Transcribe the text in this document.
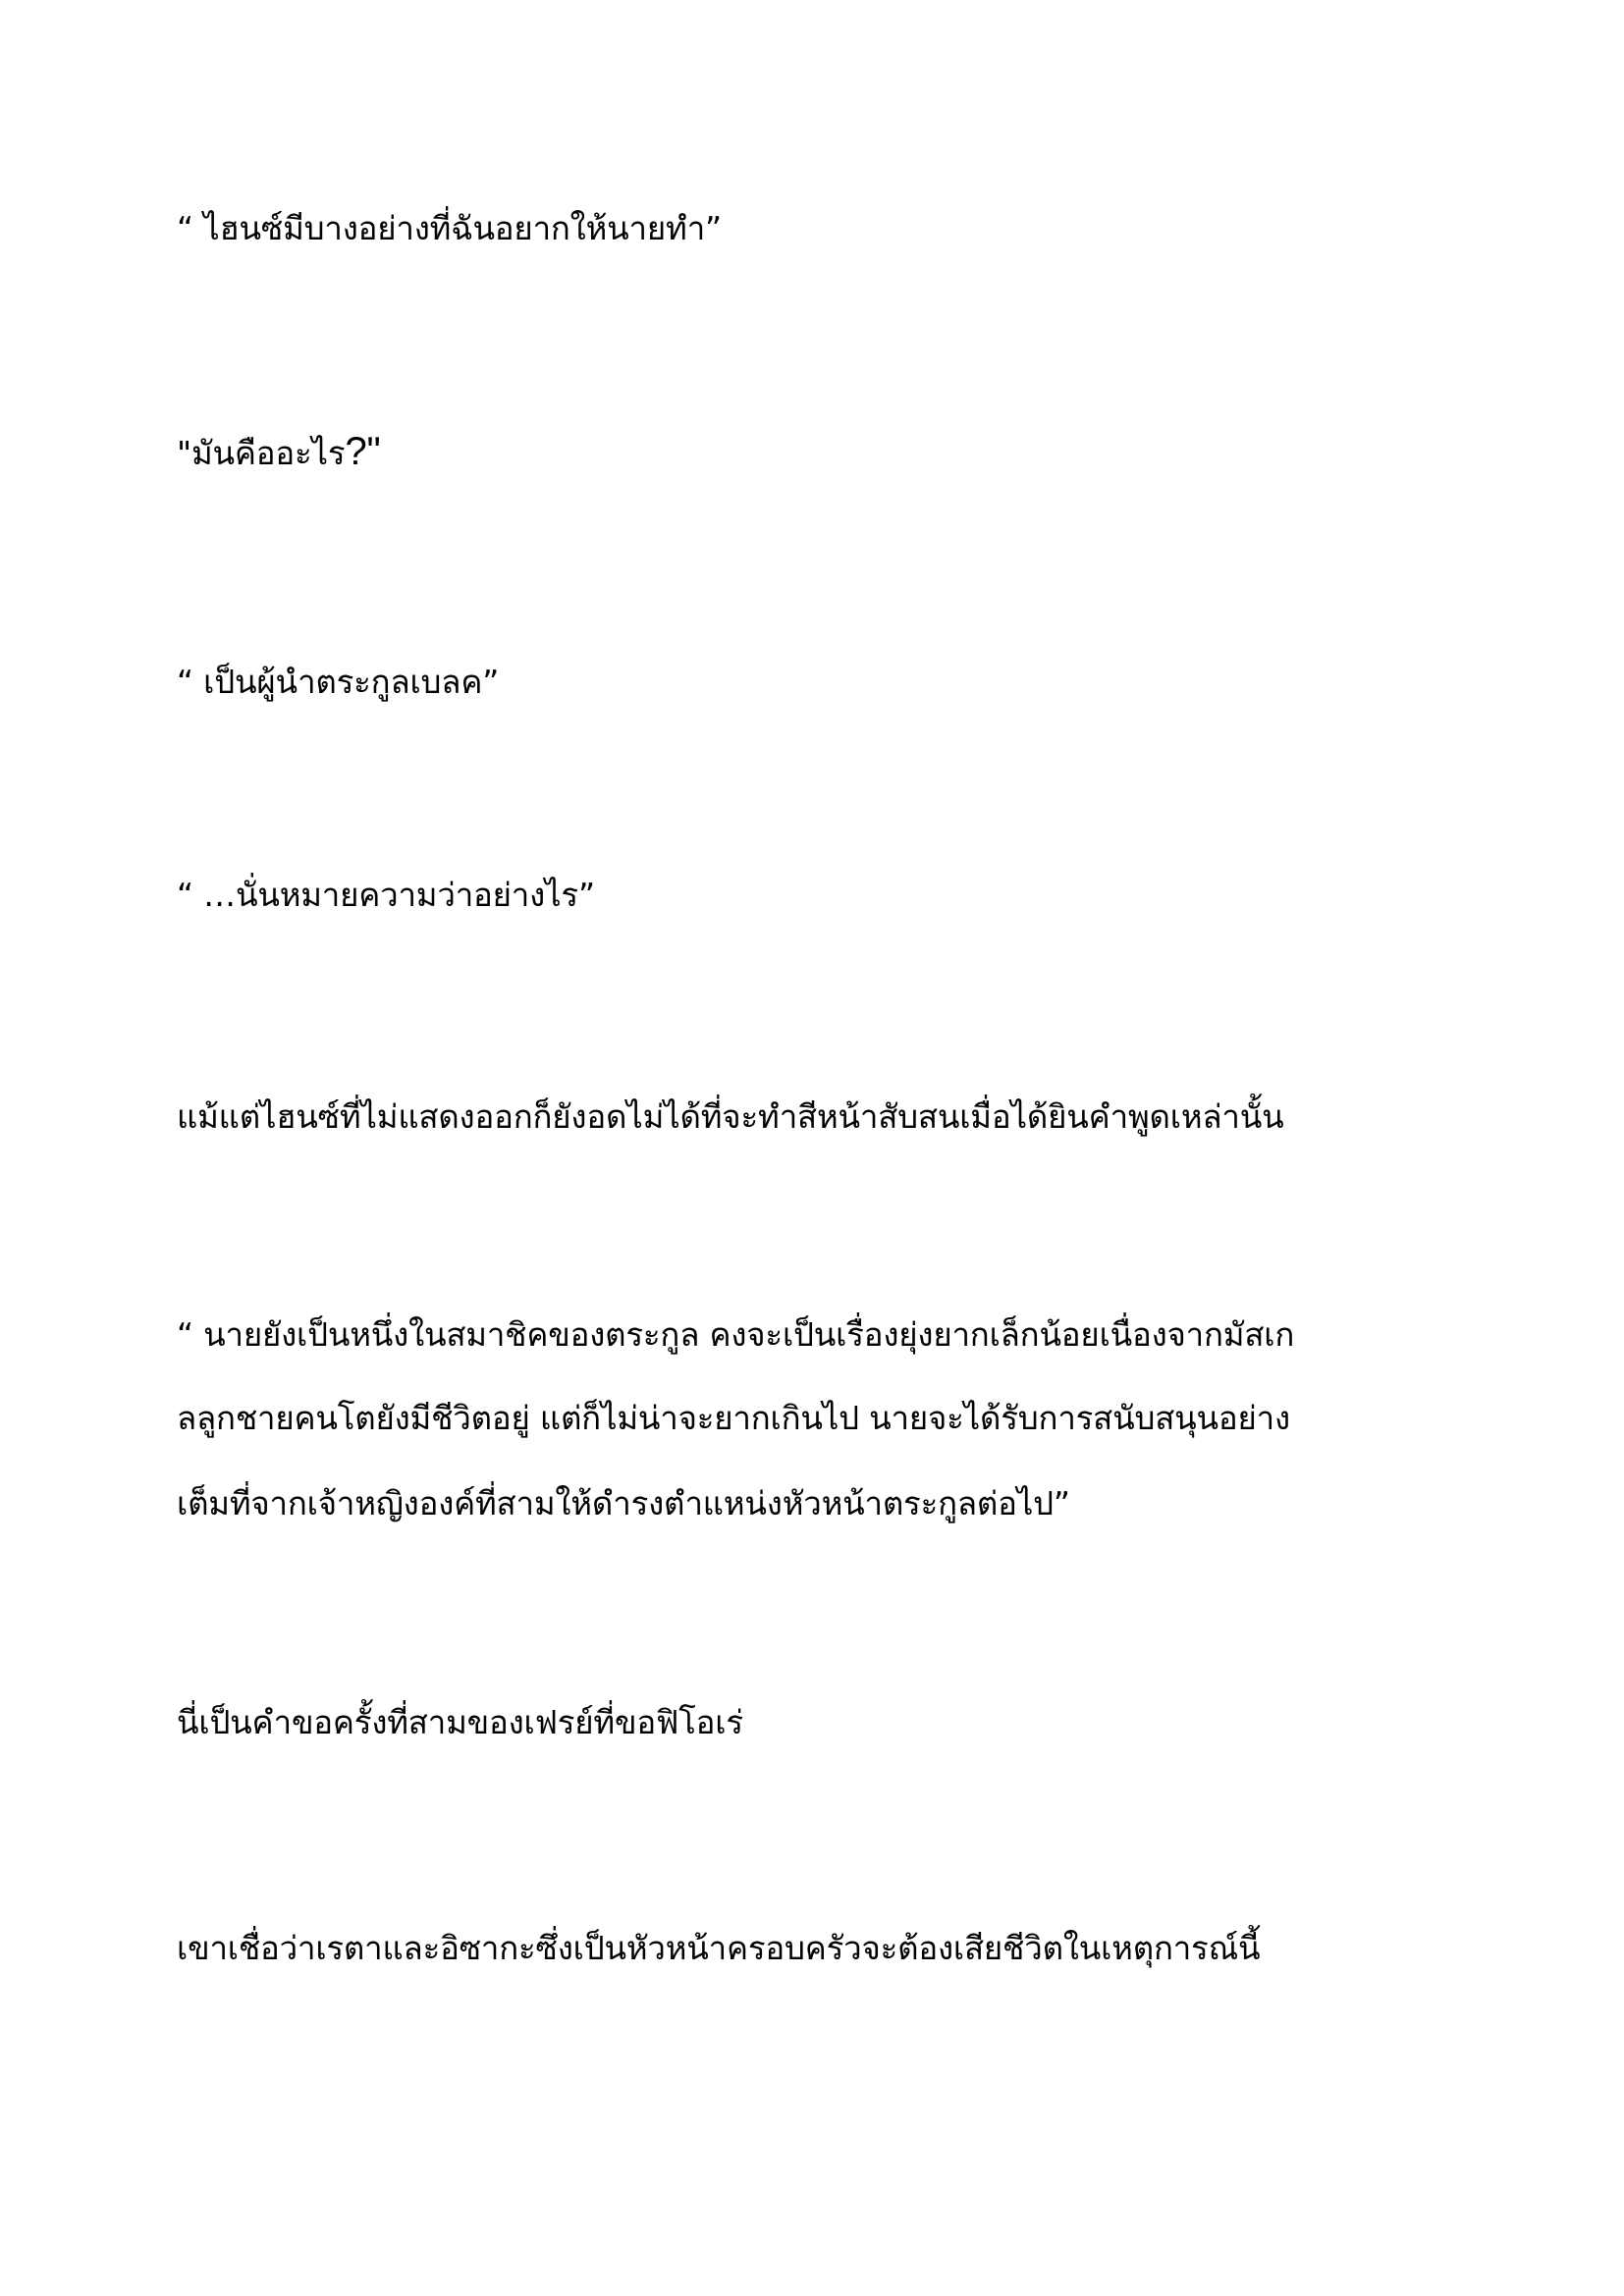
“ ไฮนซ์มีบางอย่างที่ฉันอยากให้นายทำ”

"มันคืออะไร?"

“ เป็นผู้นำตระกูลเบลค”

“ …นั่นหมายความว่าอย่างไร”

แม้แต่ไฮนซ์ที่ไม่แสดงออกก็ยังอดไม่ได้ที่จะทำสีหน้าสับสนเมื่อได้ยินคำพูดเหล่านั้น

“ นายยังเป็นหนึ่งในสมาชิคของตระกูล คงจะเป็นเรื่องยุ่งยากเล็กน้อยเนื่องจากมัสเก

ลลูกชายคนโตยังมีชีวิตอยู่ แต่ก็ไม่น่าจะยากเกินไป นายจะได้รับการสนับสนุนอย่าง

เต็มที่จากเจ้าหญิงองค์ที่สามให้ดำรงตำแหน่งหัวหน้าตระกูลต่อไป”

นี่เป็นคำขอครั้งที่สามของเฟรย์ที่ขอฟิโอเร่

เขาเชื่อว่าเรตาและอิซากะซึ่งเป็นหัวหน้าครอบครัวจะต้องเสียชีวิตในเหตุการณ์นี้
